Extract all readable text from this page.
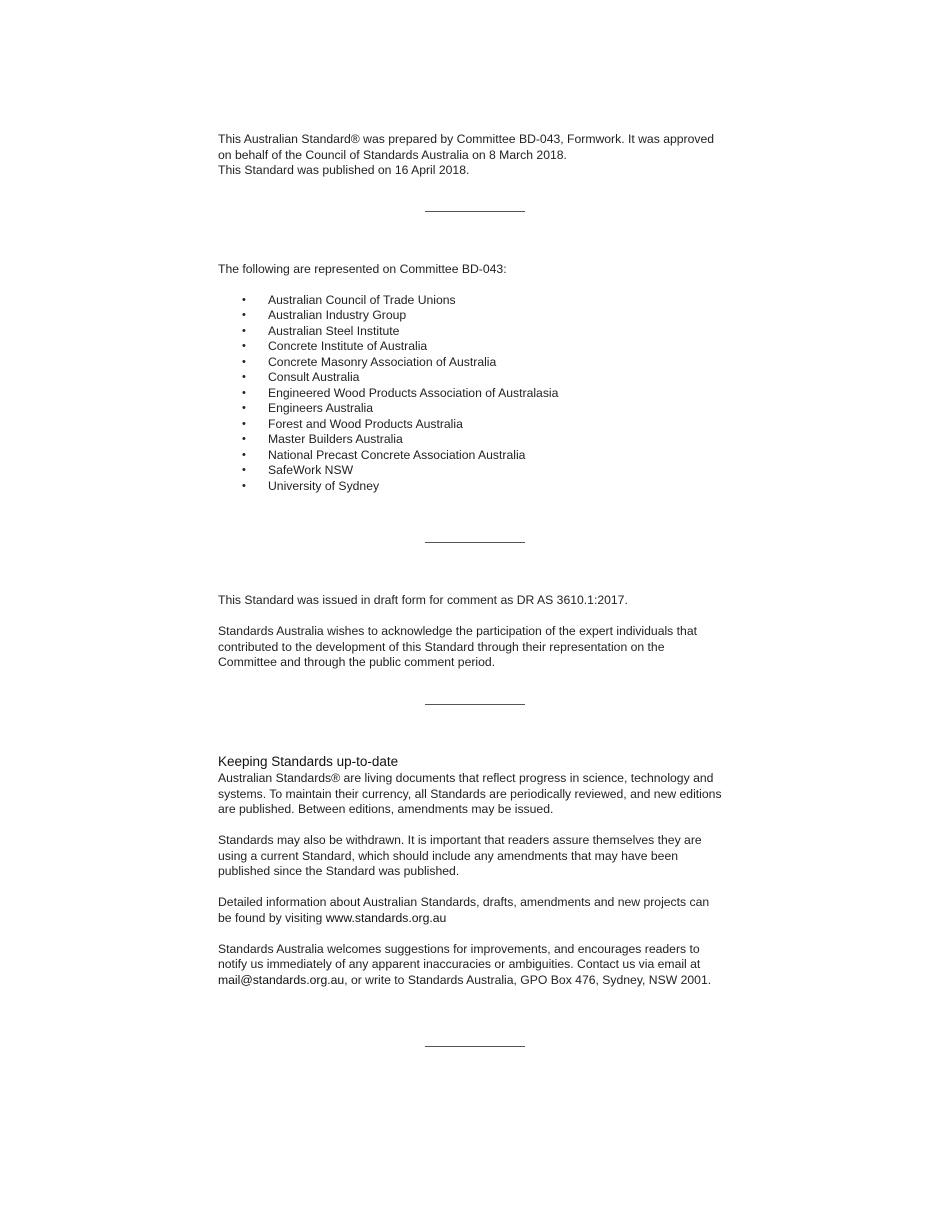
This Australian Standard® was prepared by Committee BD-043, Formwork. It was approved

on behalf of the Council of Standards Australia on 8 March 2018.

This Standard was published on 16 April 2018.

The following are represented on Committee BD-043:

• Australian Council of Trade Unions

• Australian Industry Group

• Australian Steel Institute

• Concrete Institute of Australia

• Concrete Masonry Association of Australia

• Consult Australia

• Engineered Wood Products Association of Australasia

• Engineers Australia

• Forest and Wood Products Australia

• Master Builders Australia

• National Precast Concrete Association Australia

• SafeWork NSW

• University of Sydney

This Standard was issued in draft form for comment as DR AS 3610.1:2017.

Standards Australia wishes to acknowledge the participation of the expert individuals that

contributed to the development of this Standard through their representation on the

Committee and through the public comment period.

Keeping Standards up-to-date

Australian Standards® are living documents that reflect progress in science, technology and

systems. To maintain their currency, all Standards are periodically reviewed, and new editions

are published. Between editions, amendments may be issued.

Standards may also be withdrawn. It is important that readers assure themselves they are

using a current Standard, which should include any amendments that may have been

published since the Standard was published.

Detailed information about Australian Standards, drafts, amendments and new projects can

be found by visiting www.standards.org.au

Standards Australia welcomes suggestions for improvements, and encourages readers to

notify us immediately of any apparent inaccuracies or ambiguities. Contact us via email at

mail@standards.org.au, or write to Standards Australia, GPO Box 476, Sydney, NSW 2001.
